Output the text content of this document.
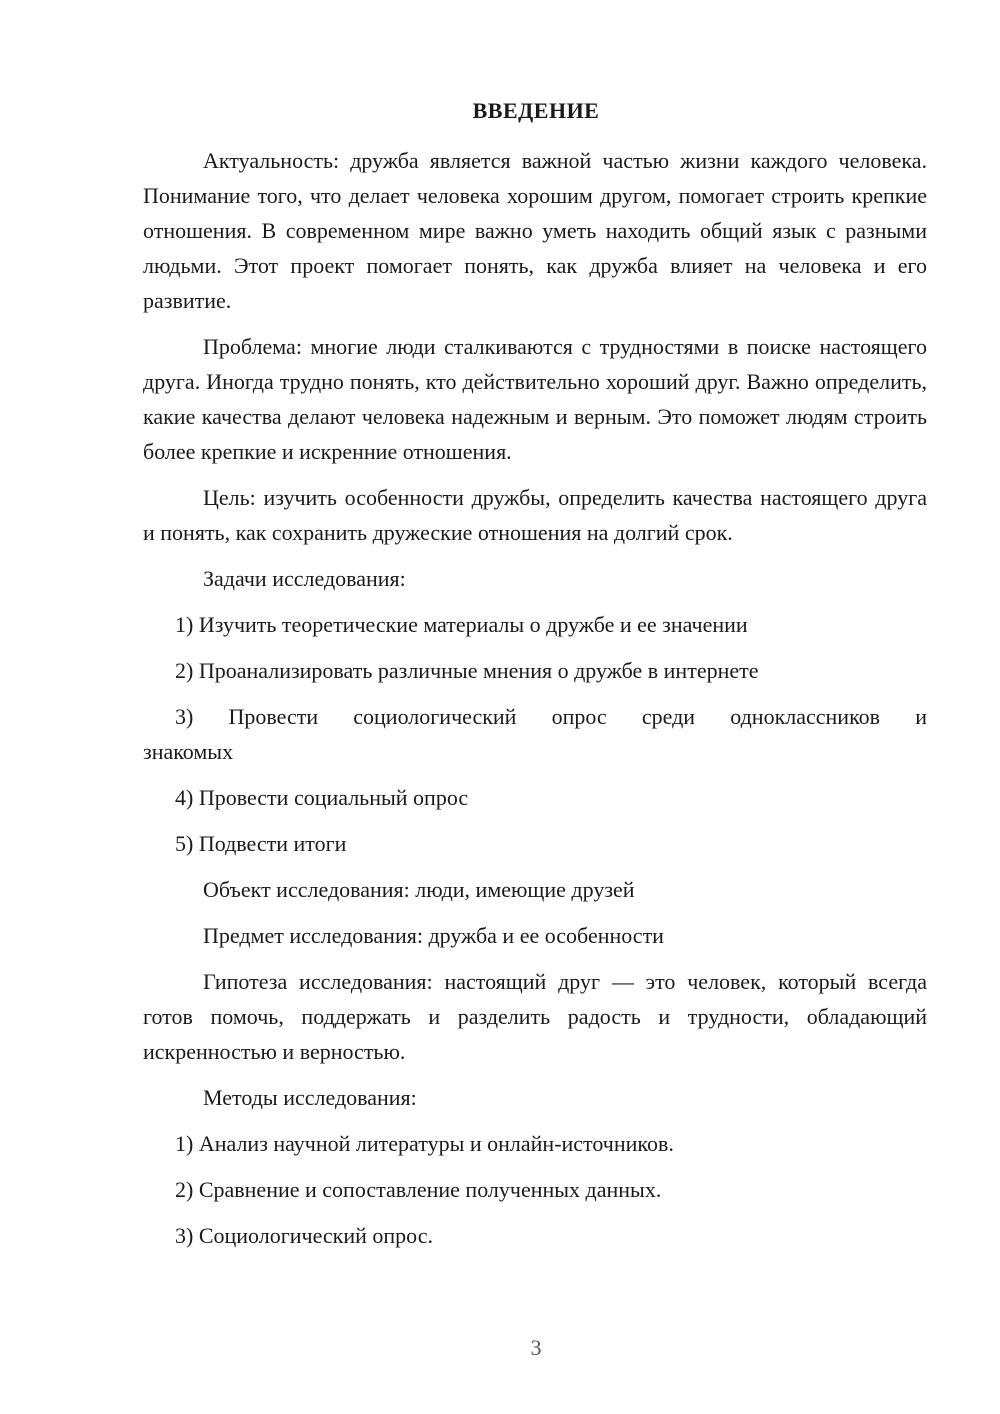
ВВЕДЕНИЕ

Актуальность: дружба является важной частью жизни каждого человека. Понимание того, что делает человека хорошим другом, помогает строить крепкие отношения. В современном мире важно уметь находить общий язык с разными людьми. Этот проект помогает понять, как дружба влияет на человека и его развитие.

Проблема: многие люди сталкиваются с трудностями в поиске настоящего друга. Иногда трудно понять, кто действительно хороший друг. Важно определить, какие качества делают человека надежным и верным. Это поможет людям строить более крепкие и искренние отношения.

Цель: изучить особенности дружбы, определить качества настоящего друга и понять, как сохранить дружеские отношения на долгий срок.

Задачи исследования:
1) Изучить теоретические материалы о дружбе и ее значении
2) Проанализировать различные мнения о дружбе в интернете
3) Провести социологический опрос среди одноклассников и
знакомых
4) Провести социальный опрос
5) Подвести итоги
Объект исследования: люди, имеющие друзей
Предмет исследования: дружба и ее особенности

Гипотеза исследования: настоящий друг — это человек, который всегда готов помочь, поддержать и разделить радость и трудности, обладающий искренностью и верностью.

Методы исследования:
1) Анализ научной литературы и онлайн-источников.
2) Сравнение и сопоставление полученных данных.
3) Социологический опрос.
3
